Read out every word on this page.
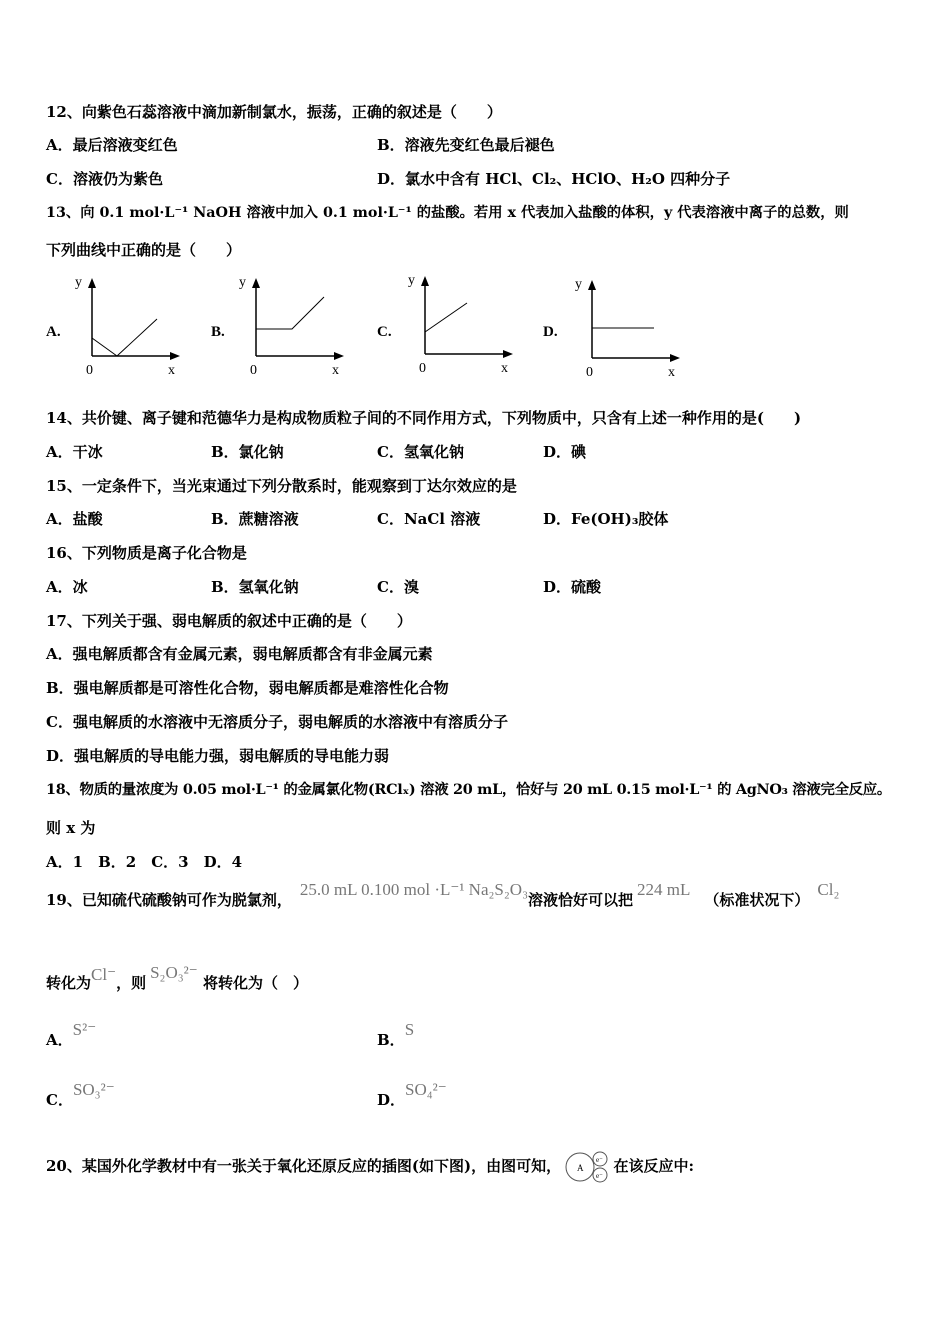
12、向紫色石蕊溶液中滴加新制氯水，振荡，正确的叙述是（　　）
A．最后溶液变红色	B．溶液先变红色最后褪色
C．溶液仍为紫色	D．氯水中含有 HCl、Cl₂、HClO、H₂O 四种分子
13、向 0.1 mol·L⁻¹ NaOH 溶液中加入 0.1 mol·L⁻¹ 的盐酸。若用 x 代表加入盐酸的体积，y 代表溶液中离子的总数，则
下列曲线中正确的是（　　）
A.
y
0	x
B.
y
0	x
C.
y
0	x
D.
y
0	x
14、共价键、离子键和范德华力是构成物质粒子间的不同作用方式，下列物质中，只含有上述一种作用的是(　　)
A．干冰	B．氯化钠	C．氢氧化钠	D．碘
15、一定条件下，当光束通过下列分散系时，能观察到丁达尔效应的是
A．盐酸	B．蔗糖溶液	C．NaCl 溶液	D．Fe(OH)₃胶体
16、下列物质是离子化合物是
A．冰	B．氢氧化钠	C．溴	D．硫酸
17、下列关于强、弱电解质的叙述中正确的是（　　）
A．强电解质都含有金属元素，弱电解质都含有非金属元素
B．强电解质都是可溶性化合物，弱电解质都是难溶性化合物
C．强电解质的水溶液中无溶质分子，弱电解质的水溶液中有溶质分子
D．强电解质的导电能力强，弱电解质的导电能力弱
18、物质的量浓度为 0.05 mol·L⁻¹ 的金属氯化物(RClₓ) 溶液 20 mL，恰好与 20 mL 0.15 mol·L⁻¹ 的 AgNO₃ 溶液完全反应。
则 x 为
A．1　B．2　C．3　D．4
19、已知硫代硫酸钠可作为脱氯剂，25.0 mL 0.100 mol ·L⁻¹ Na₂S₂O₃溶液恰好可以把224 mL（标准状况下）Cl₂
转化为Cl⁻，则S₂O₃²⁻ 将转化为（　）
A．S²⁻
B．S
C．SO₃²⁻
D．SO₄²⁻
20、某国外化学教材中有一张关于氧化还原反应的插图(如下图)，由图可知， A
e⁻
e⁻
在该反应中:
